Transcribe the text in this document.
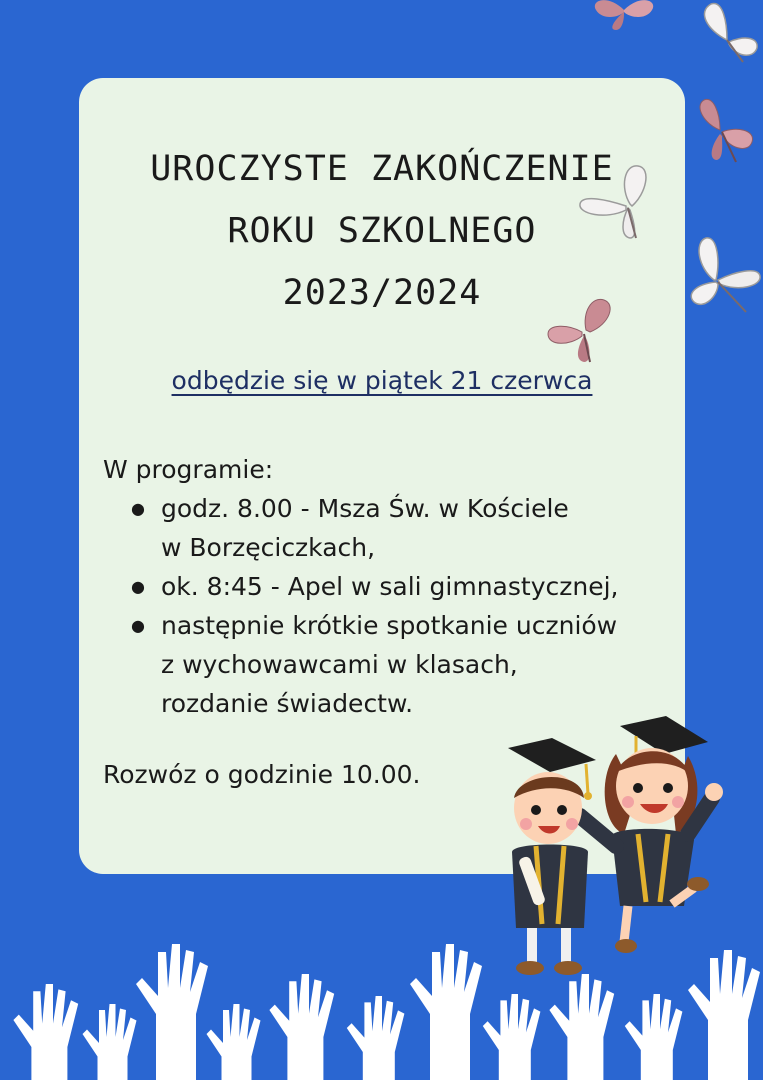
UROCZYSTE ZAKOŃCZENIE
ROKU SZKOLNEGO
2023/2024
odbędzie się w piątek 21 czerwca
W programie:
● godz. 8.00 - Msza Św. w Kościele
w Borzęciczkach,
● ok. 8:45 - Apel w sali gimnastycznej,
● następnie krótkie spotkanie uczniów
z wychowawcami w klasach,
rozdanie świadectw.
Rozwóz o godzinie 10.00.
